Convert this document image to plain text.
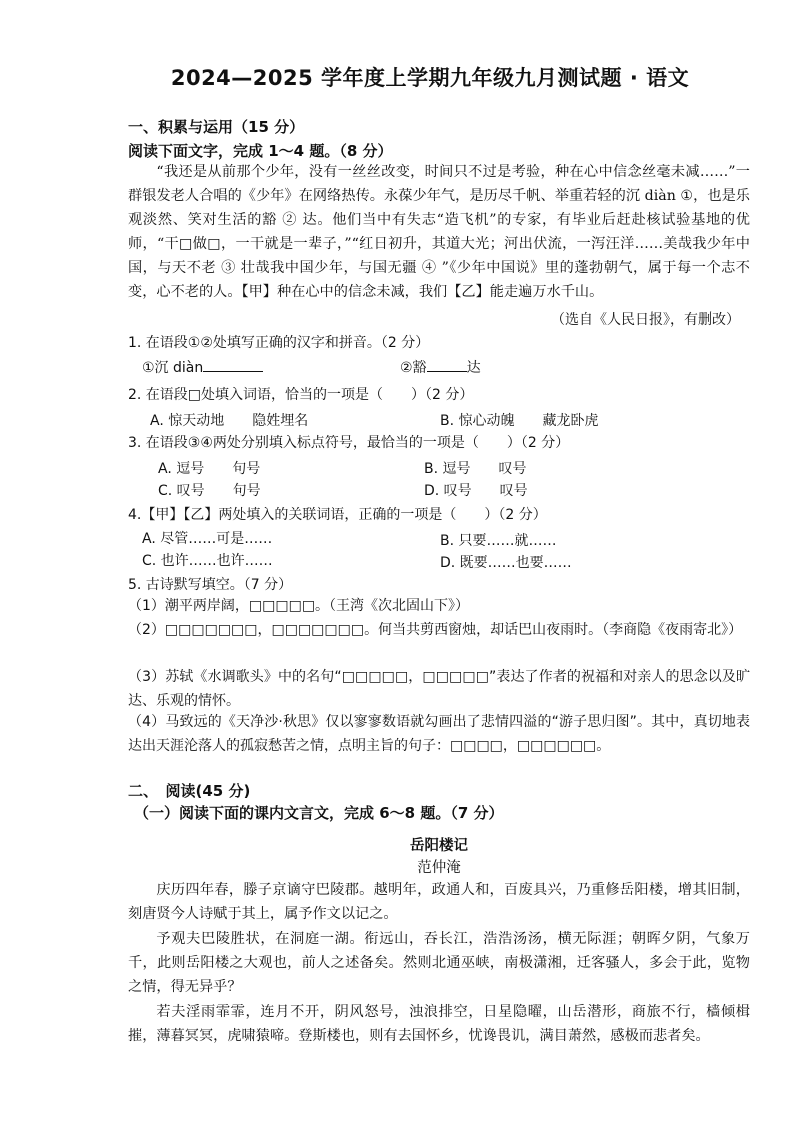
2024—2025 学年度上学期九年级九月测试题 · 语文
一、积累与运用（15 分）
阅读下面文字，完成 1～4 题。（8 分）
“我还是从前那个少年，没有一丝丝改变，时间只不过是考验，种在心中信念丝毫未减……”一群银发老人合唱的《少年》在网络热传。永葆少年气，是历尽千帆、举重若轻的沉 diàn ①，也是乐观淡然、笑对生活的豁 ② 达。他们当中有失志“造飞机”的专家，有毕业后赶赴核试验基地的优师，“干□做□，一干就是一辈子，”“红日初升，其道大光；河出伏流，一泻汪洋……美哉我少年中国，与天不老 ③ 壮哉我中国少年，与国无疆 ④ ”《少年中国说》里的蓬勃朝气，属于每一个志不变，心不老的人。【甲】种在心中的信念未减，我们【乙】能走遍万水千山。
（选自《人民日报》，有删改）
1. 在语段①②处填写正确的汉字和拼音。（2 分）
①沉 diàn	②豁	达
2. 在语段□处填入词语，恰当的一项是（　　）（2 分）
A. 惊天动地　　隐姓埋名	B. 惊心动魄　　藏龙卧虎
3. 在语段③④两处分别填入标点符号，最恰当的一项是（　　）（2 分）
A. 逗号　　句号	B. 逗号　　叹号
C. 叹号　　句号	D. 叹号　　叹号
4.【甲】【乙】两处填入的关联词语，正确的一项是（　　）（2 分）
A. 尽管……可是……	B. 只要……就……
C. 也许……也许……	D. 既要……也要……
5. 古诗默写填空。（7 分）
（1）潮平两岸阔，□□□□□。（王湾《次北固山下》）
（2）□□□□□□□，□□□□□□□。何当共剪西窗烛，却话巴山夜雨时。（李商隐《夜雨寄北》）
（3）苏轼《水调歌头》中的名句“□□□□□，□□□□□”表达了作者的祝福和对亲人的思念以及旷达、乐观的情怀。
（4）马致远的《天净沙·秋思》仅以寥寥数语就勾画出了悲情四溢的“游子思归图”。其中，真切地表达出天涯沦落人的孤寂愁苦之情，点明主旨的句子：□□□□，□□□□□□。
二、　阅读(45 分)
（一）阅读下面的课内文言文，完成 6～8 题。（7 分）
岳阳楼记
范仲淹
庆历四年春，滕子京谪守巴陵郡。越明年，政通人和，百废具兴，乃重修岳阳楼，增其旧制，刻唐贤今人诗赋于其上，属予作文以记之。
予观夫巴陵胜状，在洞庭一湖。衔远山，吞长江，浩浩汤汤，横无际涯；朝晖夕阴，气象万千，此则岳阳楼之大观也，前人之述备矣。然则北通巫峡，南极潇湘，迁客骚人，多会于此，览物之情，得无异乎？
若夫淫雨霏霏，连月不开，阴风怒号，浊浪排空，日星隐曜，山岳潜形，商旅不行，樯倾楫摧，薄暮冥冥，虎啸猿啼。登斯楼也，则有去国怀乡，忧谗畏讥，满目萧然，感极而悲者矣。
